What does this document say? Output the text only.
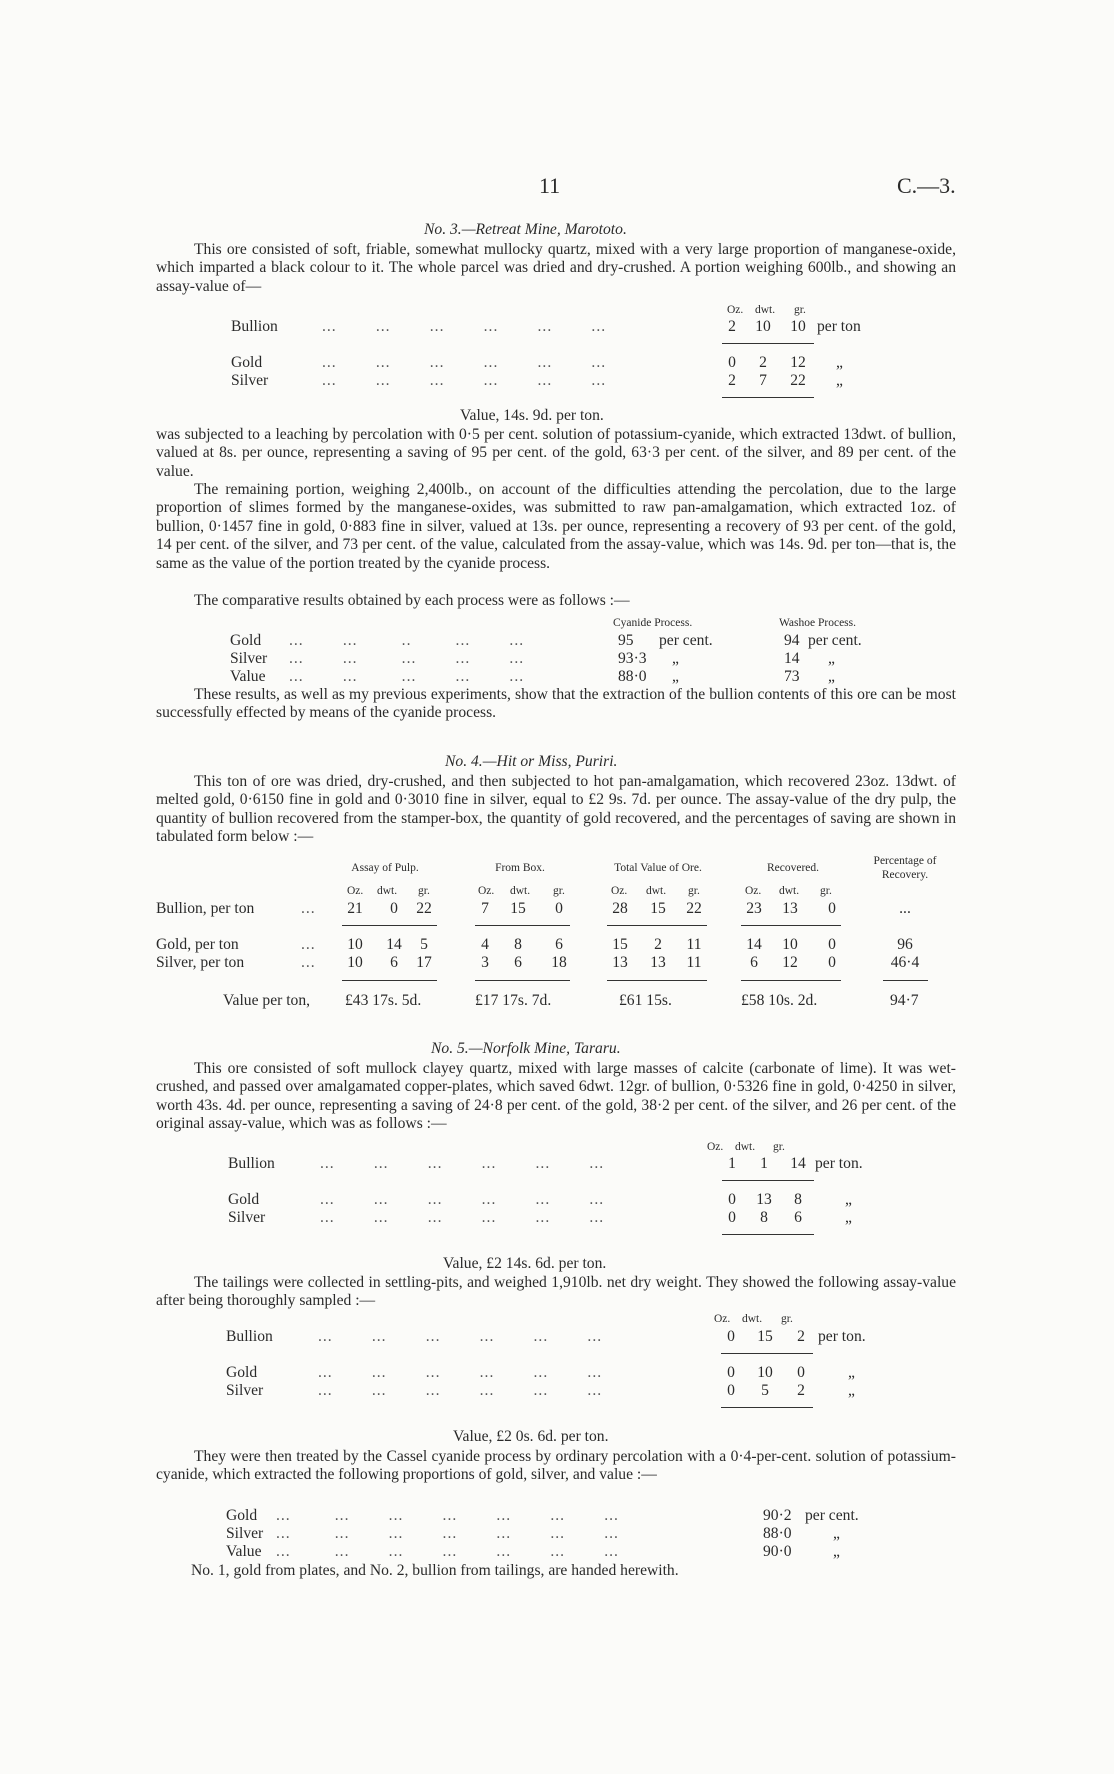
11	C.—3.
No. 3.—Retreat Mine, Marototo.
This ore consisted of soft, friable, somewhat mullocky quartz, mixed with a very large proportion of manganese-oxide, which imparted a black colour to it. The whole parcel was dried and dry-crushed. A portion weighing 600lb., and showing an assay-value of—
Oz. dwt. gr.
Bullion	...        ...        ...        ...        ...        ...	2	10	10 per ton
Gold	...        ...        ...        ...        ...        ...	0	2	12	„
Silver	...        ...        ...        ...        ...        ...	2	7	22	„
Value, 14s. 9d. per ton.
was subjected to a leaching by percolation with 0·5 per cent. solution of potassium-cyanide, which extracted 13dwt. of bullion, valued at 8s. per ounce, representing a saving of 95 per cent. of the gold, 63·3 per cent. of the silver, and 89 per cent. of the value.
The remaining portion, weighing 2,400lb., on account of the difficulties attending the percolation, due to the large proportion of slimes formed by the manganese-oxides, was submitted to raw pan-amalgamation, which extracted 1oz. of bullion, 0·1457 fine in gold, 0·883 fine in silver, valued at 13s. per ounce, representing a recovery of 93 per cent. of the gold, 14 per cent. of the silver, and 73 per cent. of the value, calculated from the assay-value, which was 14s. 9d. per ton—that is, the same as the value of the portion treated by the cyanide process.
The comparative results obtained by each process were as follows :—
Cyanide Process.	Washoe Process.
Gold ...        ...         ..         ...        ...	95 per cent.	94 per cent.
Silver ...        ...         ...        ...        ...	93·3 „	14 „
Value ...        ...         ...        ...        ...	88·0 „	73 „
These results, as well as my previous experiments, show that the extraction of the bullion contents of this ore can be most successfully effected by means of the cyanide process.
No. 4.—Hit or Miss, Puriri.
This ton of ore was dried, dry-crushed, and then subjected to hot pan-amalgamation, which recovered 23oz. 13dwt. of melted gold, 0·6150 fine in gold and 0·3010 fine in silver, equal to £2 9s. 7d. per ounce. The assay-value of the dry pulp, the quantity of bullion recovered from the stamper-box, the quantity of gold recovered, and the percentages of saving are shown in tabulated form below :—
Assay of Pulp.	From Box.	Total Value of Ore.	Recovered.
Percentage of
Recovery.
Oz. dwt. gr.	Oz. dwt. gr.	Oz. dwt. gr.	Oz. dwt. gr.
Bullion, per ton	...	21	0	22	7	15	0	28	15	22	23	13	0	...
Gold, per ton	...	10	14	5	4	8	6	15	2	11	14	10	0	96
Silver, per ton	...	10	6	17	3	6	18	13	13	11	6	12	0	46·4
Value per ton, £43 17s. 5d.	£17 17s. 7d.	£61 15s.	£58 10s. 2d.	94·7
No. 5.—Norfolk Mine, Tararu.
This ore consisted of soft mullock clayey quartz, mixed with large masses of calcite (carbonate of lime). It was wet-crushed, and passed over amalgamated copper-plates, which saved 6dwt. 12gr. of bullion, 0·5326 fine in gold, 0·4250 in silver, worth 43s. 4d. per ounce, representing a saving of 24·8 per cent. of the gold, 38·2 per cent. of the silver, and 26 per cent. of the original assay-value, which was as follows :—
Oz. dwt. gr.
Bullion	...        ...        ...        ...        ...        ...	1	1	14 per ton.
Gold	...        ...        ...        ...        ...        ...	0	13	8	„
Silver	...        ...        ...        ...        ...        ...	0	8	6	„
Value, £2 14s. 6d. per ton.
The tailings were collected in settling-pits, and weighed 1,910lb. net dry weight. They showed the following assay-value after being thoroughly sampled :—
Oz. dwt. gr.
Bullion	...        ...        ...        ...        ...        ...	0	15	2 per ton.
Gold	...        ...        ...        ...        ...        ...	0	10	0	„
Silver	...        ...        ...        ...        ...        ...	0	5	2	„
Value, £2 0s. 6d. per ton.
They were then treated by the Cassel cyanide process by ordinary percolation with a 0·4-per-cent. solution of potassium-cyanide, which extracted the following proportions of gold, silver, and value :—
Gold ...         ...        ...        ...        ...        ...        ...	90·2 per cent.
Silver ...         ...        ...        ...        ...        ...        ...	88·0	„
Value ...         ...        ...        ...        ...        ...        ...	90·0	„
No. 1, gold from plates, and No. 2, bullion from tailings, are handed herewith.
